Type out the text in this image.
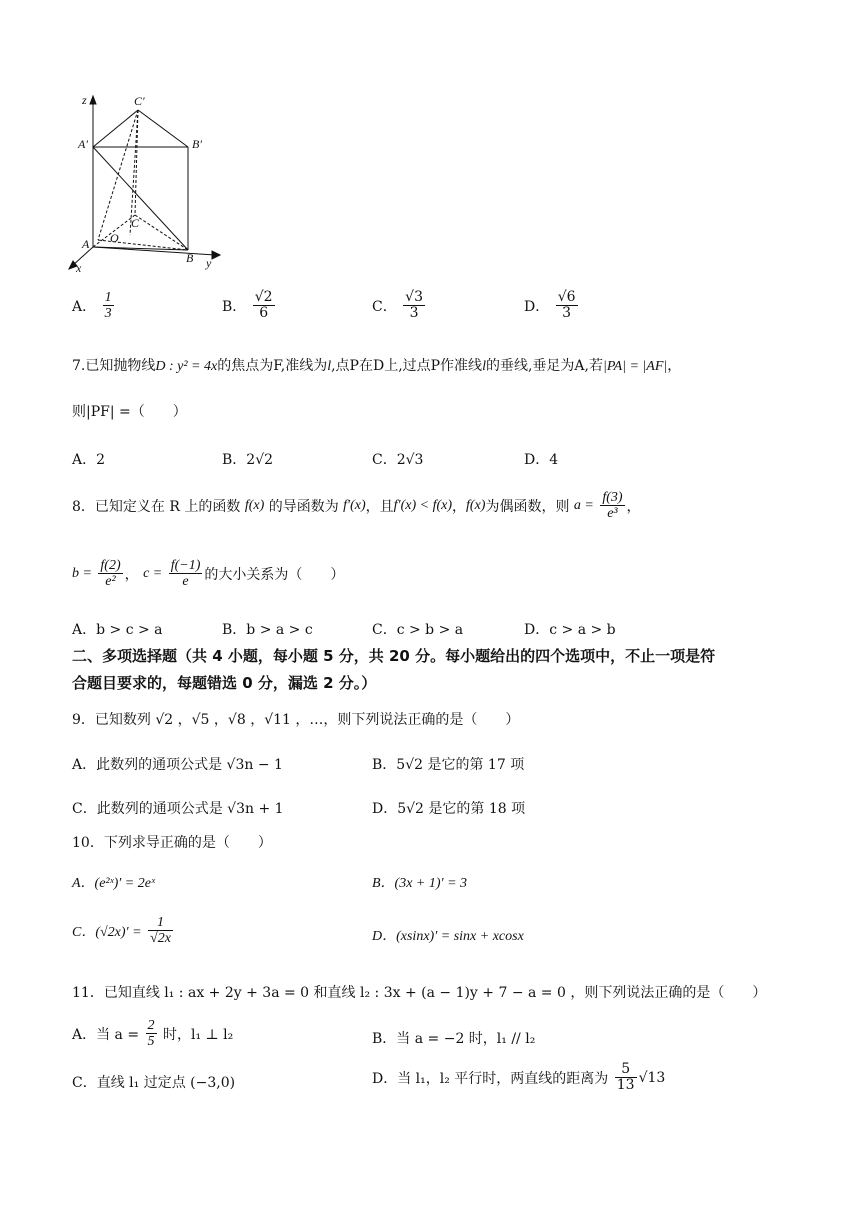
z	C′
A′	B′
C
O
A
B
x	y
A． $\frac{1}{3}$	B． $\frac{√2}{6}$	C． $\frac{√3}{3}$	D． $\frac{√6}{3}$
7.已知抛物线D : y² = 4x的焦点为F,准线为l,点P在D上,过点P作准线l的垂线,垂足为A,若|PA| = |AF|，
则|PF| =（　　）
A．2	B．2√2	C．2√3	D．4
8．已知定义在 R 上的函数 f(x) 的导函数为 f′(x)，且f′(x) < f(x)，f(x)为偶函数，则 $a = \frac{f(3)}{\text{e³}}$ ，
$b = \frac{f(2)}{\text{e²}}$ ， $c = \frac{f(-1)}{e}$ 的大小关系为（　　）
A．b > c > a	B．b > a > c	C．c > b > a	D．c > a > b
二、多项选择题（共 4 小题，每小题 5 分，共 20 分。每小题给出的四个选项中，不止一项是符
合题目要求的，每题错选 0 分，漏选 2 分。）
9．已知数列 √2 ，√5 ，√8 ，√11 ，…，则下列说法正确的是（　　）
A．此数列的通项公式是 √3n − 1	B．5√2 是它的第 17 项
C．此数列的通项公式是 √3n + 1	D．5√2 是它的第 18 项
10．下列求导正确的是（　　）
A．(e²ˣ)′ = 2eˣ	B．(3x + 1)′ = 3
C．$(√2x)' = \frac{1}{√2x}$	D．(xsinx)′ = sinx + xcosx
11．已知直线 l₁ : ax + 2y + 3a = 0 和直线 l₂ : 3x + (a − 1)y + 7 − a = 0 ，则下列说法正确的是（　　）
A．当 $a = \frac{2}{5}$ 时，l₁ ⊥ l₂	B．当 a = −2 时，l₁ // l₂
C．直线 l₁ 过定点 (−3,0)	D．当 l₁，l₂ 平行时，两直线的距离为 $\frac{5}{13} √13$
